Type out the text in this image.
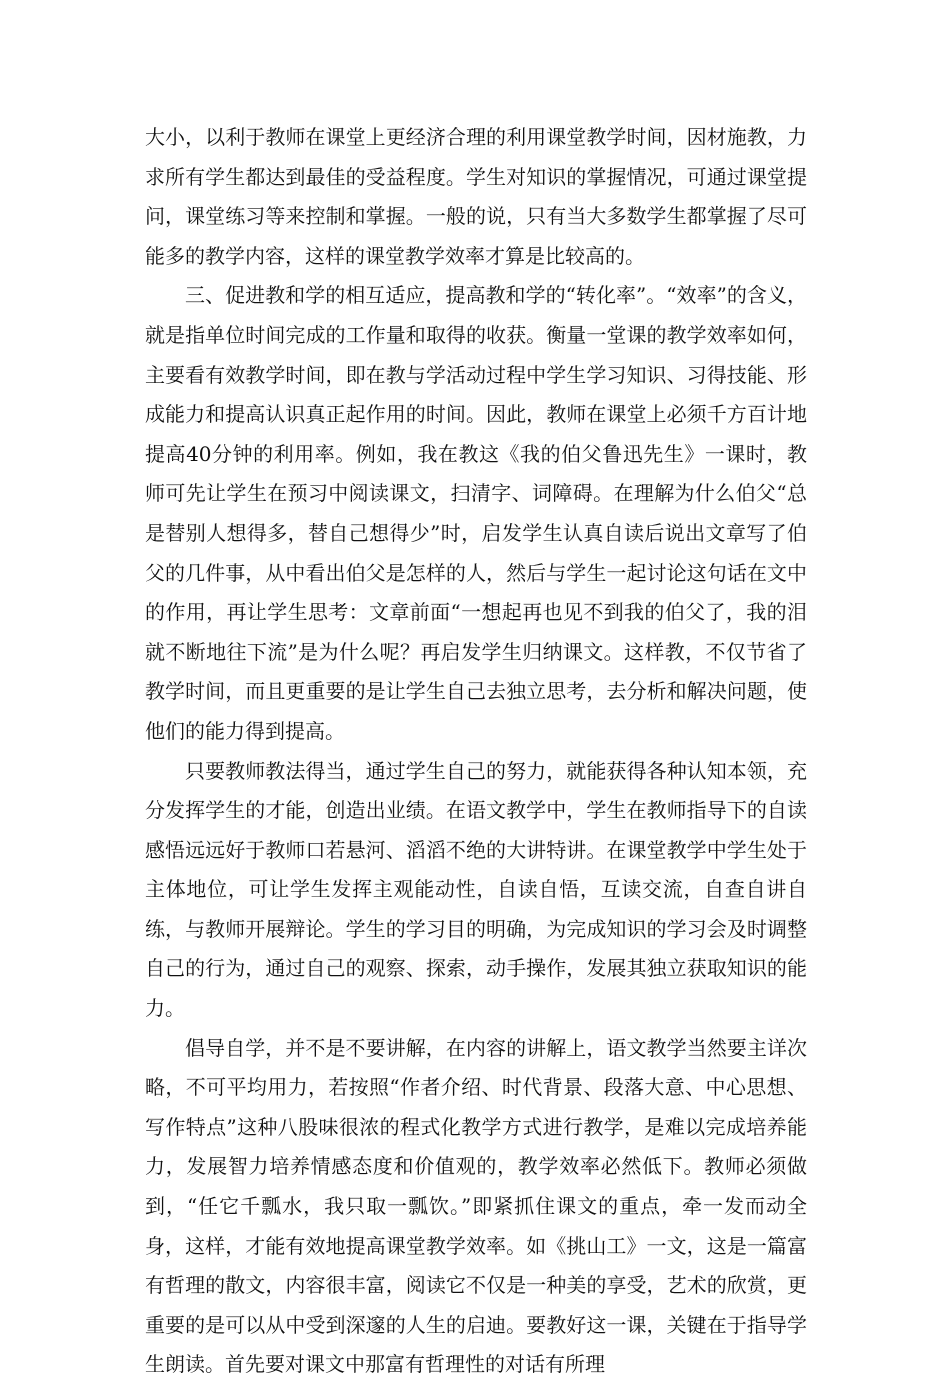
大小，以利于教师在课堂上更经济合理的利用课堂教学时间，因材施教，力求所有学生都达到最佳的受益程度。学生对知识的掌握情况，可通过课堂提问，课堂练习等来控制和掌握。一般的说，只有当大多数学生都掌握了尽可能多的教学内容，这样的课堂教学效率才算是比较高的。

三、促进教和学的相互适应，提高教和学的“转化率”。“效率”的含义，就是指单位时间完成的工作量和取得的收获。衡量一堂课的教学效率如何，主要看有效教学时间，即在教与学活动过程中学生学习知识、习得技能、形成能力和提高认识真正起作用的时间。因此，教师在课堂上必须千方百计地提高40分钟的利用率。例如，我在教这《我的伯父鲁迅先生》一课时，教师可先让学生在预习中阅读课文，扫清字、词障碍。在理解为什么伯父“总是替别人想得多，替自己想得少”时，启发学生认真自读后说出文章写了伯父的几件事，从中看出伯父是怎样的人，然后与学生一起讨论这句话在文中的作用，再让学生思考：文章前面“一想起再也见不到我的伯父了，我的泪就不断地往下流”是为什么呢？再启发学生归纳课文。这样教，不仅节省了教学时间，而且更重要的是让学生自己去独立思考，去分析和解决问题，使他们的能力得到提高。

只要教师教法得当，通过学生自己的努力，就能获得各种认知本领，充分发挥学生的才能，创造出业绩。在语文教学中，学生在教师指导下的自读感悟远远好于教师口若悬河、滔滔不绝的大讲特讲。在课堂教学中学生处于主体地位，可让学生发挥主观能动性，自读自悟，互读交流，自查自讲自练，与教师开展辩论。学生的学习目的明确，为完成知识的学习会及时调整自己的行为，通过自己的观察、探索，动手操作，发展其独立获取知识的能力。

倡导自学，并不是不要讲解，在内容的讲解上，语文教学当然要主详次略，不可平均用力，若按照“作者介绍、时代背景、段落大意、中心思想、写作特点”这种八股味很浓的程式化教学方式进行教学，是难以完成培养能力，发展智力培养情感态度和价值观的，教学效率必然低下。教师必须做到，“任它千瓢水，我只取一瓢饮。”即紧抓住课文的重点，牵一发而动全身，这样，才能有效地提高课堂教学效率。如《挑山工》一文，这是一篇富有哲理的散文，内容很丰富，阅读它不仅是一种美的享受，艺术的欣赏，更重要的是可以从中受到深邃的人生的启迪。要教好这一课，关键在于指导学生朗读。首先要对课文中那富有哲理性的对话有所理
